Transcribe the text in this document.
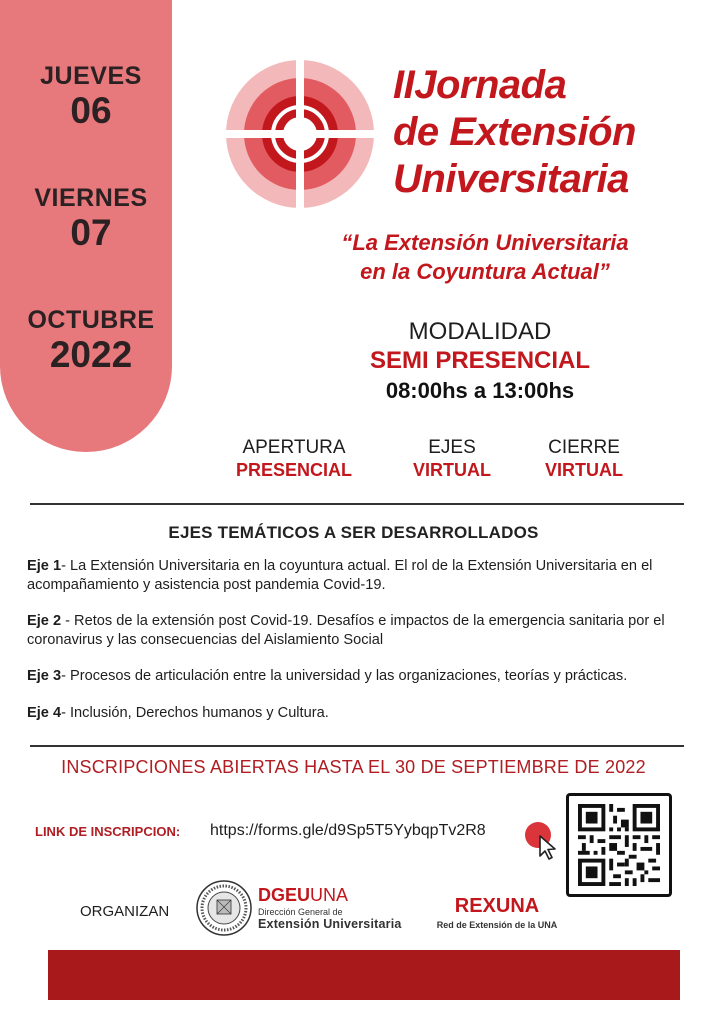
JUEVES
06
VIERNES
07
OCTUBRE
2022
IIJornada
de Extensión
Universitaria
“La Extensión Universitaria
en la Coyuntura Actual”
MODALIDAD
SEMI PRESENCIAL
08:00hs a 13:00hs
APERTURA
PRESENCIAL
EJES
VIRTUAL
CIERRE
VIRTUAL
EJES TEMÁTICOS A SER DESARROLLADOS
Eje 1- La Extensión Universitaria en la coyuntura actual. El rol de la Extensión Universitaria en el acompañamiento y asistencia post pandemia Covid-19.
Eje 2 - Retos de la extensión post Covid-19. Desafíos e impactos de la emergencia sanitaria por el coronavirus y las consecuencias del Aislamiento Social
Eje 3- Procesos de articulación entre la universidad y las organizaciones, teorías y prácticas.
Eje 4- Inclusión, Derechos humanos y Cultura.
INSCRIPCIONES ABIERTAS HASTA EL 30 DE SEPTIEMBRE DE 2022
LINK DE INSCRIPCION: https://forms.gle/d9Sp5T5YybqpTv2R8
ORGANIZAN
DGEUUNA
Dirección General de
Extensión Universitaria
REXUNA
Red de Extensión de la UNA
